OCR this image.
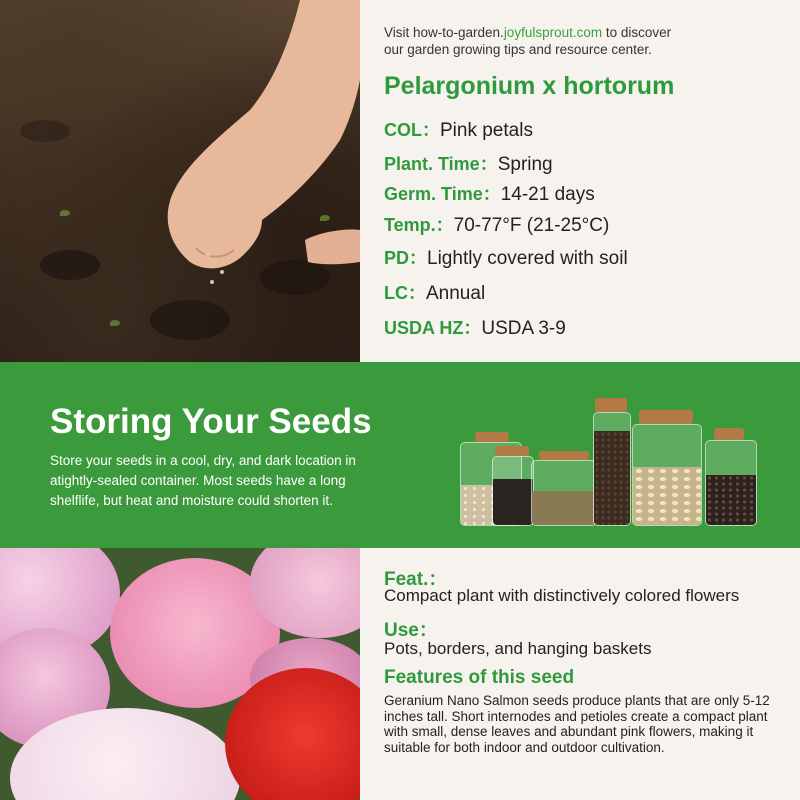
Visit how-to-garden.joyfulsprout.com to discover
our garden growing tips and resource center.
Pelargonium x hortorum
COL：Pink petals
Plant. Time：Spring
Germ. Time：14-21 days
Temp.：70-77°F (21-25°C)
PD：Lightly covered with soil
LC：Annual
USDA HZ：USDA 3-9
Storing Your Seeds

Store your seeds in a cool, dry, and dark location in atightly-sealed container. Most seeds have a long shelflife, but heat and moisture could shorten it.

Feat.：
Compact plant with distinctively colored flowers
Use：
Pots, borders, and hanging baskets
Features of this seed

Geranium Nano Salmon seeds produce plants that are only 5-12 inches tall. Short internodes and petioles create a compact plant with small, dense leaves and abundant pink flowers, making it suitable for both indoor and outdoor cultivation.
